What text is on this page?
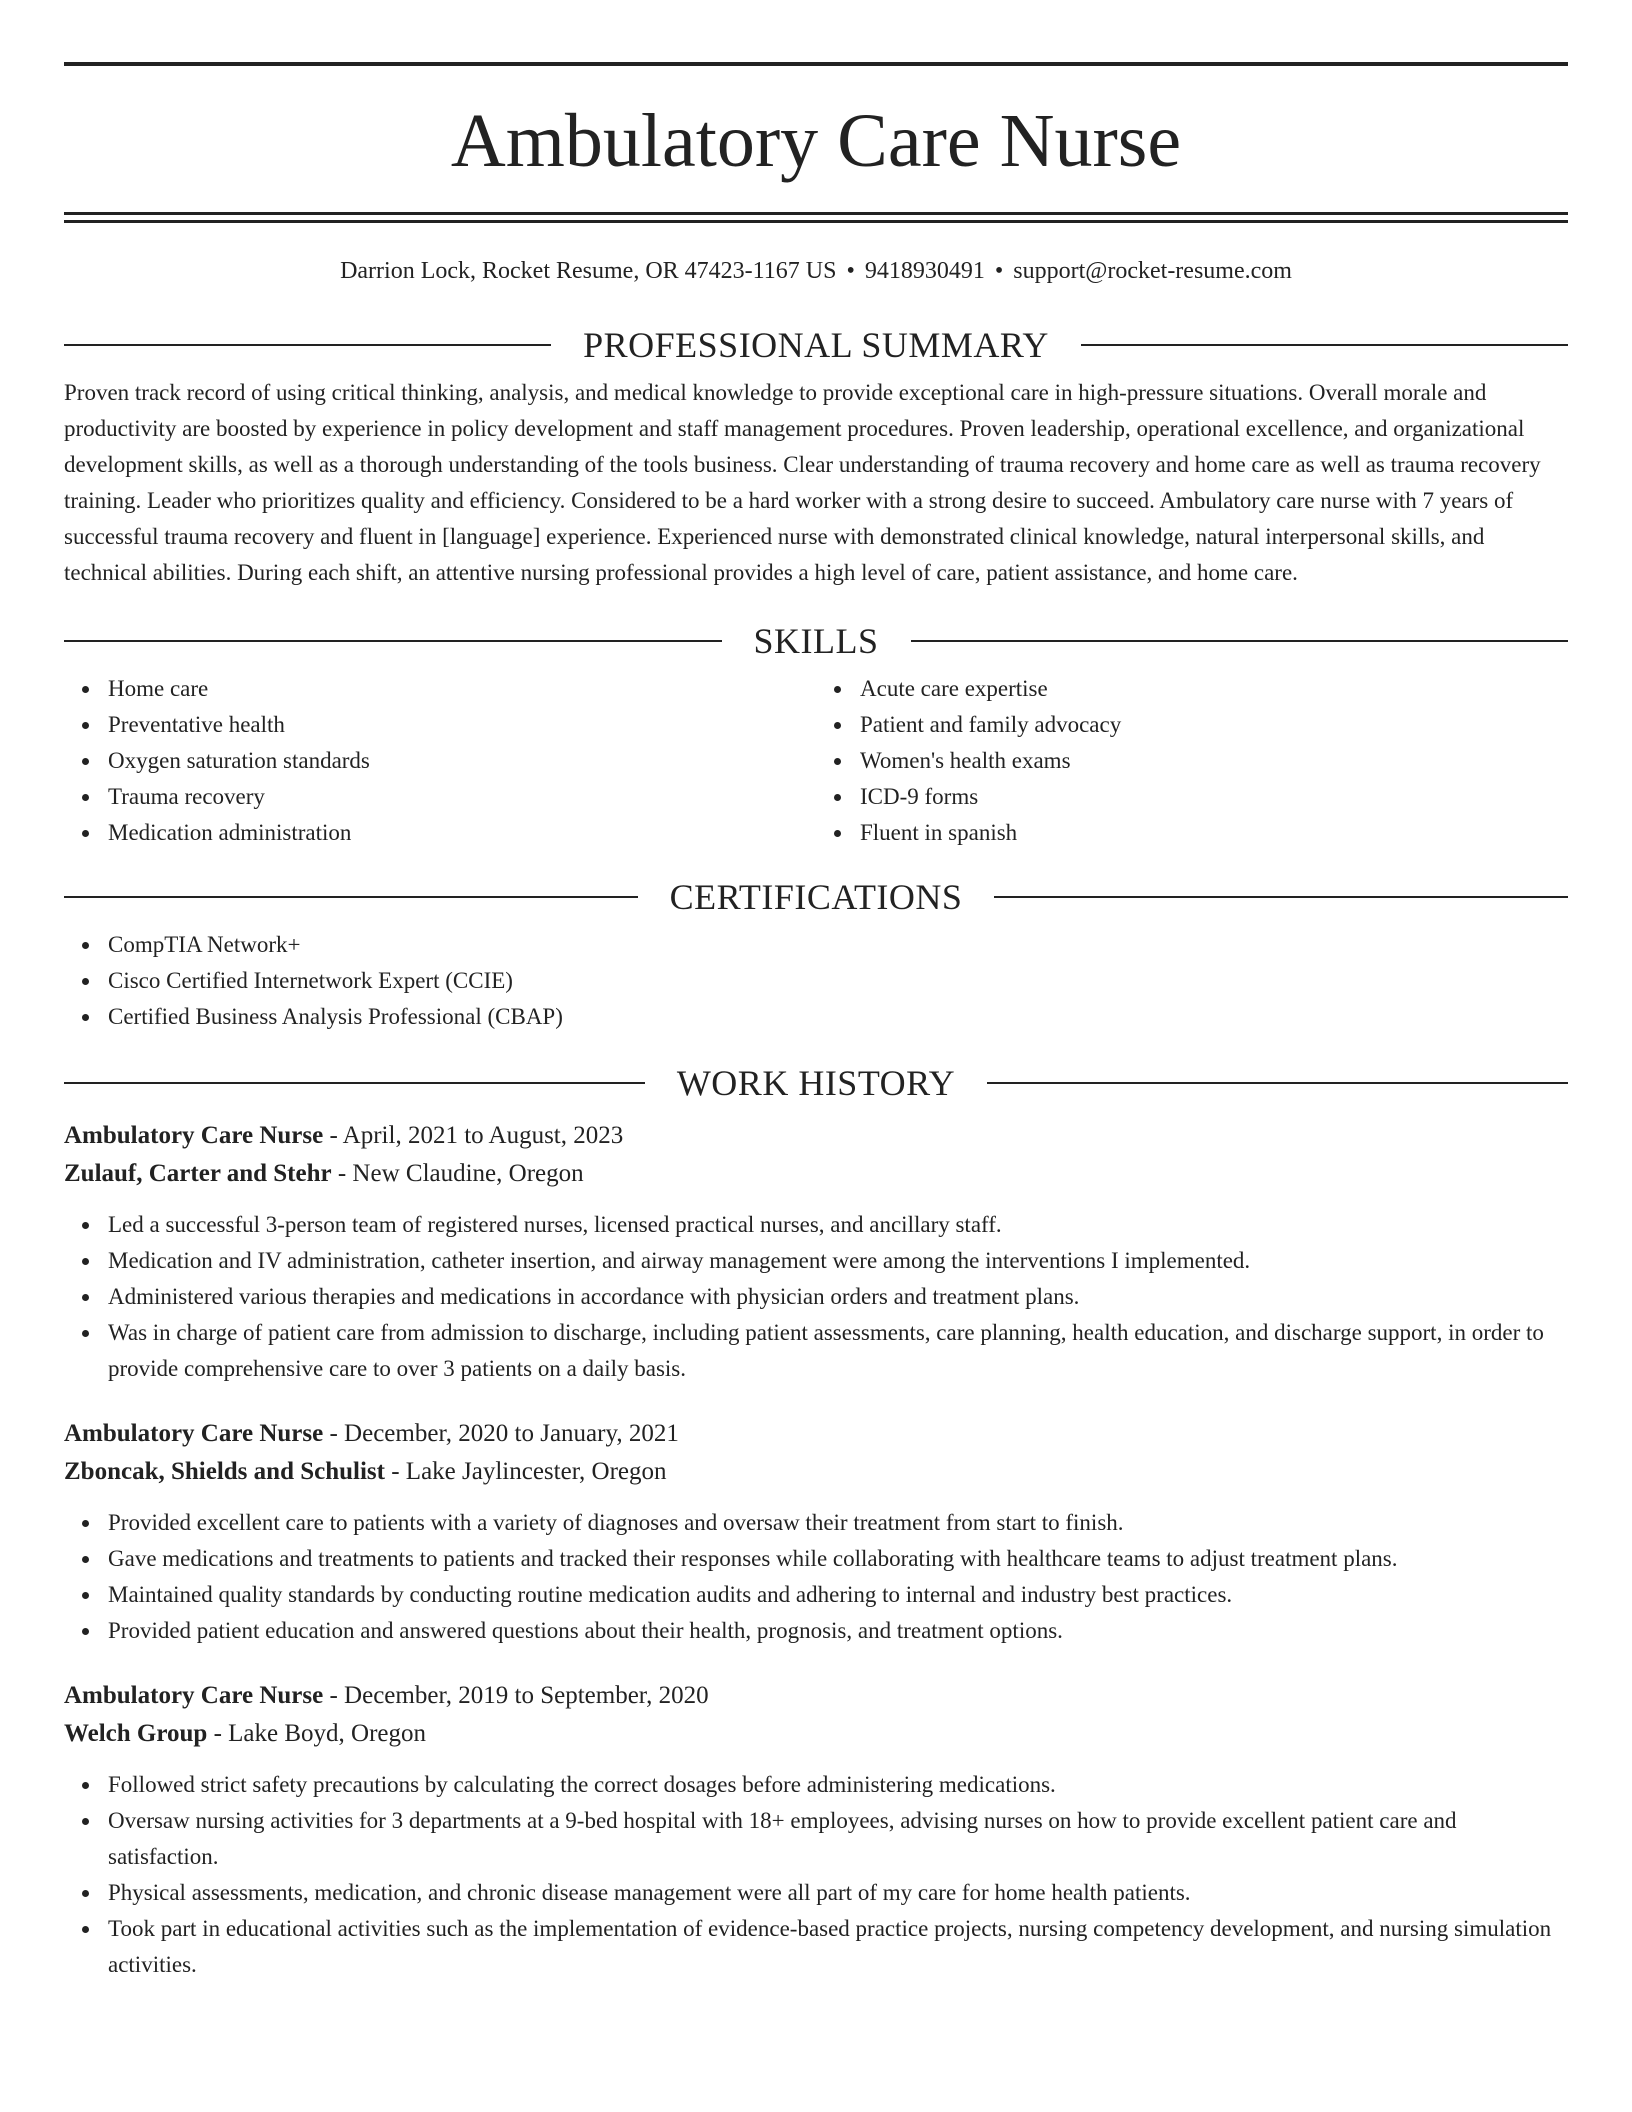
Ambulatory Care Nurse
Darrion Lock, Rocket Resume, OR 47423-1167 US • 9418930491 • support@rocket-resume.com
PROFESSIONAL SUMMARY

Proven track record of using critical thinking, analysis, and medical knowledge to provide exceptional care in high-pressure situations. Overall morale and productivity are boosted by experience in policy development and staff management procedures. Proven leadership, operational excellence, and organizational development skills, as well as a thorough understanding of the tools business. Clear understanding of trauma recovery and home care as well as trauma recovery training. Leader who prioritizes quality and efficiency. Considered to be a hard worker with a strong desire to succeed. Ambulatory care nurse with 7 years of successful trauma recovery and fluent in [language] experience. Experienced nurse with demonstrated clinical knowledge, natural interpersonal skills, and technical abilities. During each shift, an attentive nursing professional provides a high level of care, patient assistance, and home care.

SKILLS
Home care
Preventative health
Oxygen saturation standards
Trauma recovery
Medication administration
Acute care expertise
Patient and family advocacy
Women's health exams
ICD-9 forms
Fluent in spanish
CERTIFICATIONS
CompTIA Network+
Cisco Certified Internetwork Expert (CCIE)
Certified Business Analysis Professional (CBAP)
WORK HISTORY
Ambulatory Care Nurse - April, 2021 to August, 2023
Zulauf, Carter and Stehr - New Claudine, Oregon
Led a successful 3-person team of registered nurses, licensed practical nurses, and ancillary staff.
Medication and IV administration, catheter insertion, and airway management were among the interventions I implemented.
Administered various therapies and medications in accordance with physician orders and treatment plans.
Was in charge of patient care from admission to discharge, including patient assessments, care planning, health education, and discharge support, in order to provide comprehensive care to over 3 patients on a daily basis.
Ambulatory Care Nurse - December, 2020 to January, 2021
Zboncak, Shields and Schulist - Lake Jaylincester, Oregon
Provided excellent care to patients with a variety of diagnoses and oversaw their treatment from start to finish.
Gave medications and treatments to patients and tracked their responses while collaborating with healthcare teams to adjust treatment plans.
Maintained quality standards by conducting routine medication audits and adhering to internal and industry best practices.
Provided patient education and answered questions about their health, prognosis, and treatment options.
Ambulatory Care Nurse - December, 2019 to September, 2020
Welch Group - Lake Boyd, Oregon
Followed strict safety precautions by calculating the correct dosages before administering medications.
Oversaw nursing activities for 3 departments at a 9-bed hospital with 18+ employees, advising nurses on how to provide excellent patient care and satisfaction.
Physical assessments, medication, and chronic disease management were all part of my care for home health patients.
Took part in educational activities such as the implementation of evidence-based practice projects, nursing competency development, and nursing simulation activities.
